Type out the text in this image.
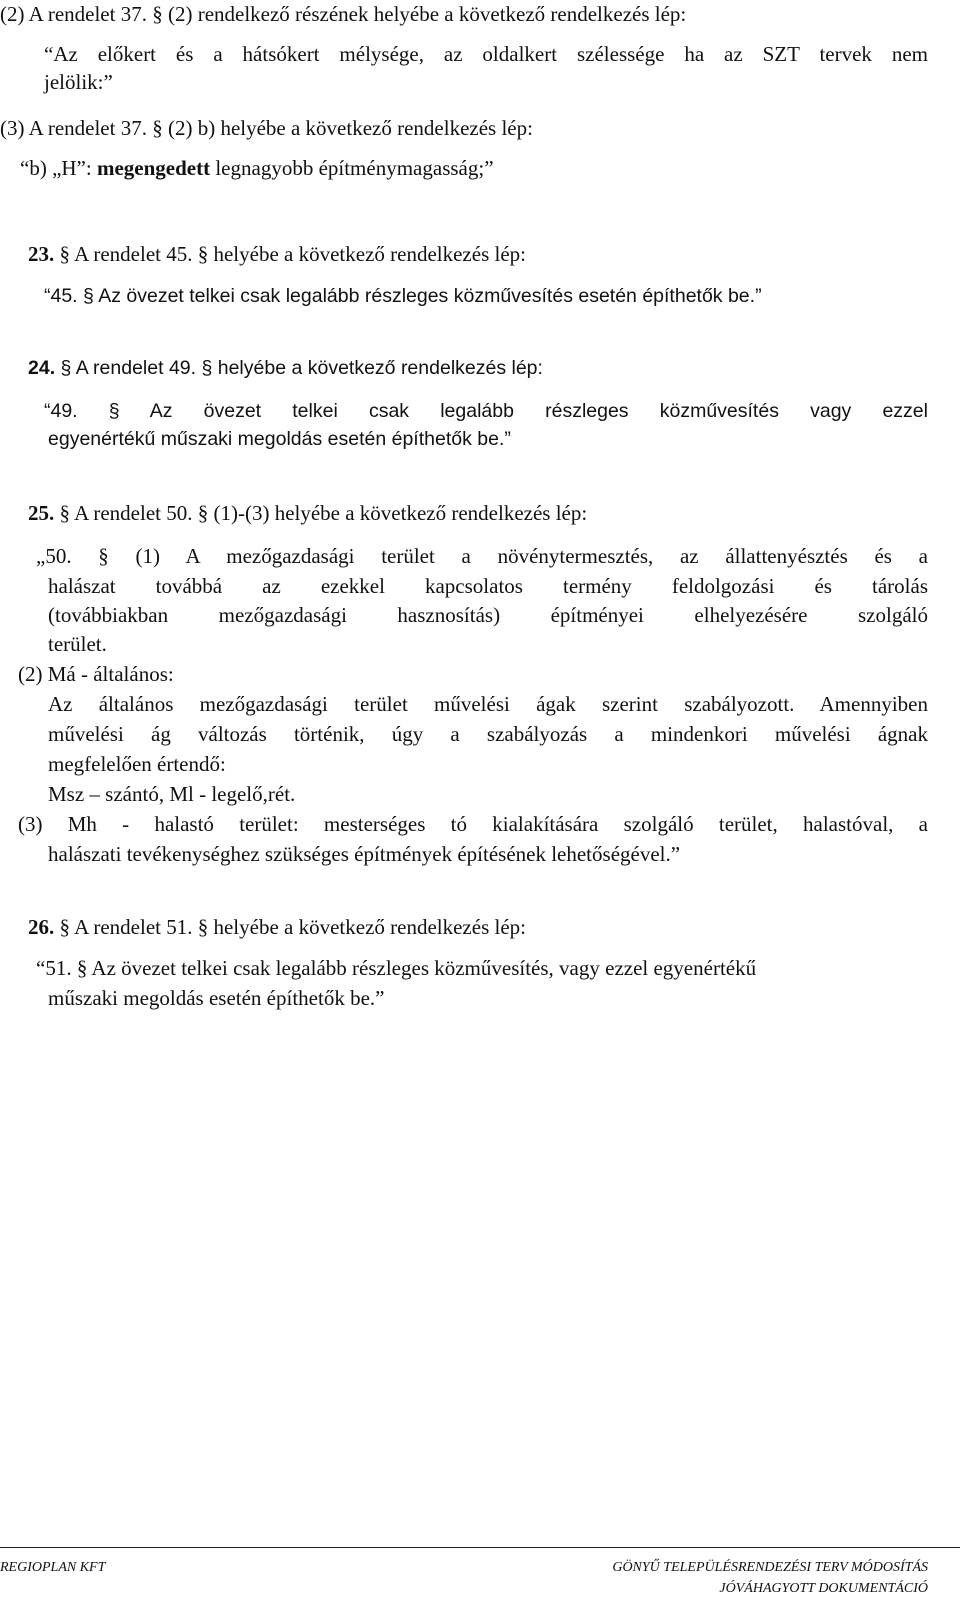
(2) A rendelet 37. § (2) rendelkező részének helyébe a következő rendelkezés lép:
“Az előkert és a hátsókert mélysége, az oldalkert szélessége ha az SZT tervek nem
jelölik:”
(3) A rendelet 37. § (2) b) helyébe a következő rendelkezés lép:
“b) „H”: megengedett legnagyobb építménymagasság;”
23. § A rendelet 45. § helyébe a következő rendelkezés lép:
“45. § Az övezet telkei csak legalább részleges közművesítés esetén építhetők be.”
24. § A rendelet 49. § helyébe a következő rendelkezés lép:
“49. § Az övezet telkei csak legalább részleges közművesítés vagy ezzel
egyenértékű műszaki megoldás esetén építhetők be.”
25. § A rendelet 50. § (1)-(3) helyébe a következő rendelkezés lép:
„50. § (1) A mezőgazdasági terület a növénytermesztés, az állattenyésztés és a
halászat továbbá az ezekkel kapcsolatos termény feldolgozási és tárolás
(továbbiakban mezőgazdasági hasznosítás) építményei elhelyezésére szolgáló
terület.
(2) Má - általános:
Az általános mezőgazdasági terület művelési ágak szerint szabályozott. Amennyiben
művelési ág változás történik, úgy a szabályozás a mindenkori művelési ágnak
megfelelően értendő:
Msz – szántó, Ml - legelő,rét.
(3) Mh - halastó terület: mesterséges tó kialakítására szolgáló terület, halastóval, a
halászati tevékenységhez szükséges építmények építésének lehetőségével.”
26. § A rendelet 51. § helyébe a következő rendelkezés lép:
“51. § Az övezet telkei csak legalább részleges közművesítés, vagy ezzel egyenértékű
műszaki megoldás esetén építhetők be.”
REGIOPLAN KFT	GÖNYŰ TELEPÜLÉSRENDEZÉSI TERV MÓDOSÍTÁS
JÓVÁHAGYOTT DOKUMENTÁCIÓ
